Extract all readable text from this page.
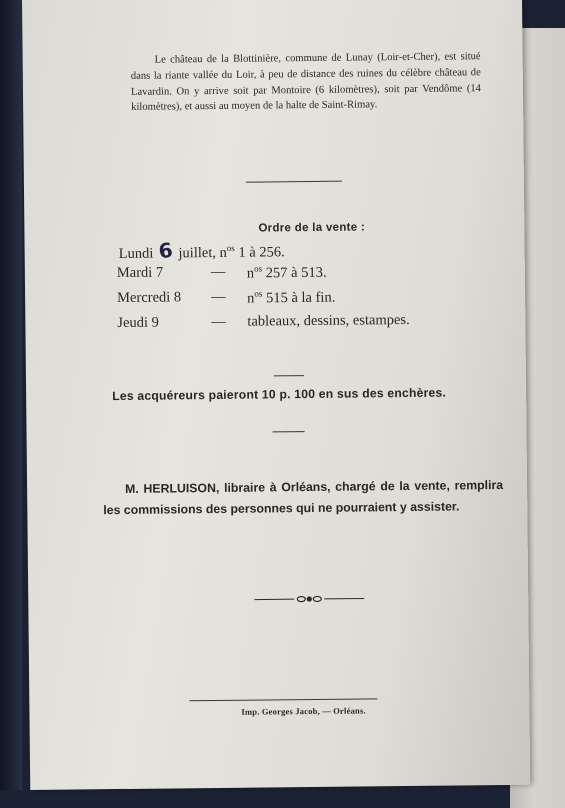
Le château de la Blottinière, commune de Lunay (Loir-et-Cher), est situé dans la riante vallée du Loir, à peu de distance des ruines du célèbre château de Lavardin. On y arrive soit par Montoire (6 kilomètres), soit par Vendôme (14 kilomètres), et aussi au moyen de la halte de Saint-Rimay.

Ordre de la vente :
Lundi 6 juillet, $n^{os}$ 1 à 256.
Mardi 7	— $n^{os}$ 257 à 513.
Mercredi 8 — $n^{os}$ 515 à la fin.
Jeudi 9	— tableaux, dessins, estampes.
Les acquéreurs paieront 10 p. 100 en sus des enchères.

M. HERLUISON, libraire à Orléans, chargé de la vente, remplira les commissions des personnes qui ne pourraient y assister.

Imp. Georges Jacob, — Orléans.
